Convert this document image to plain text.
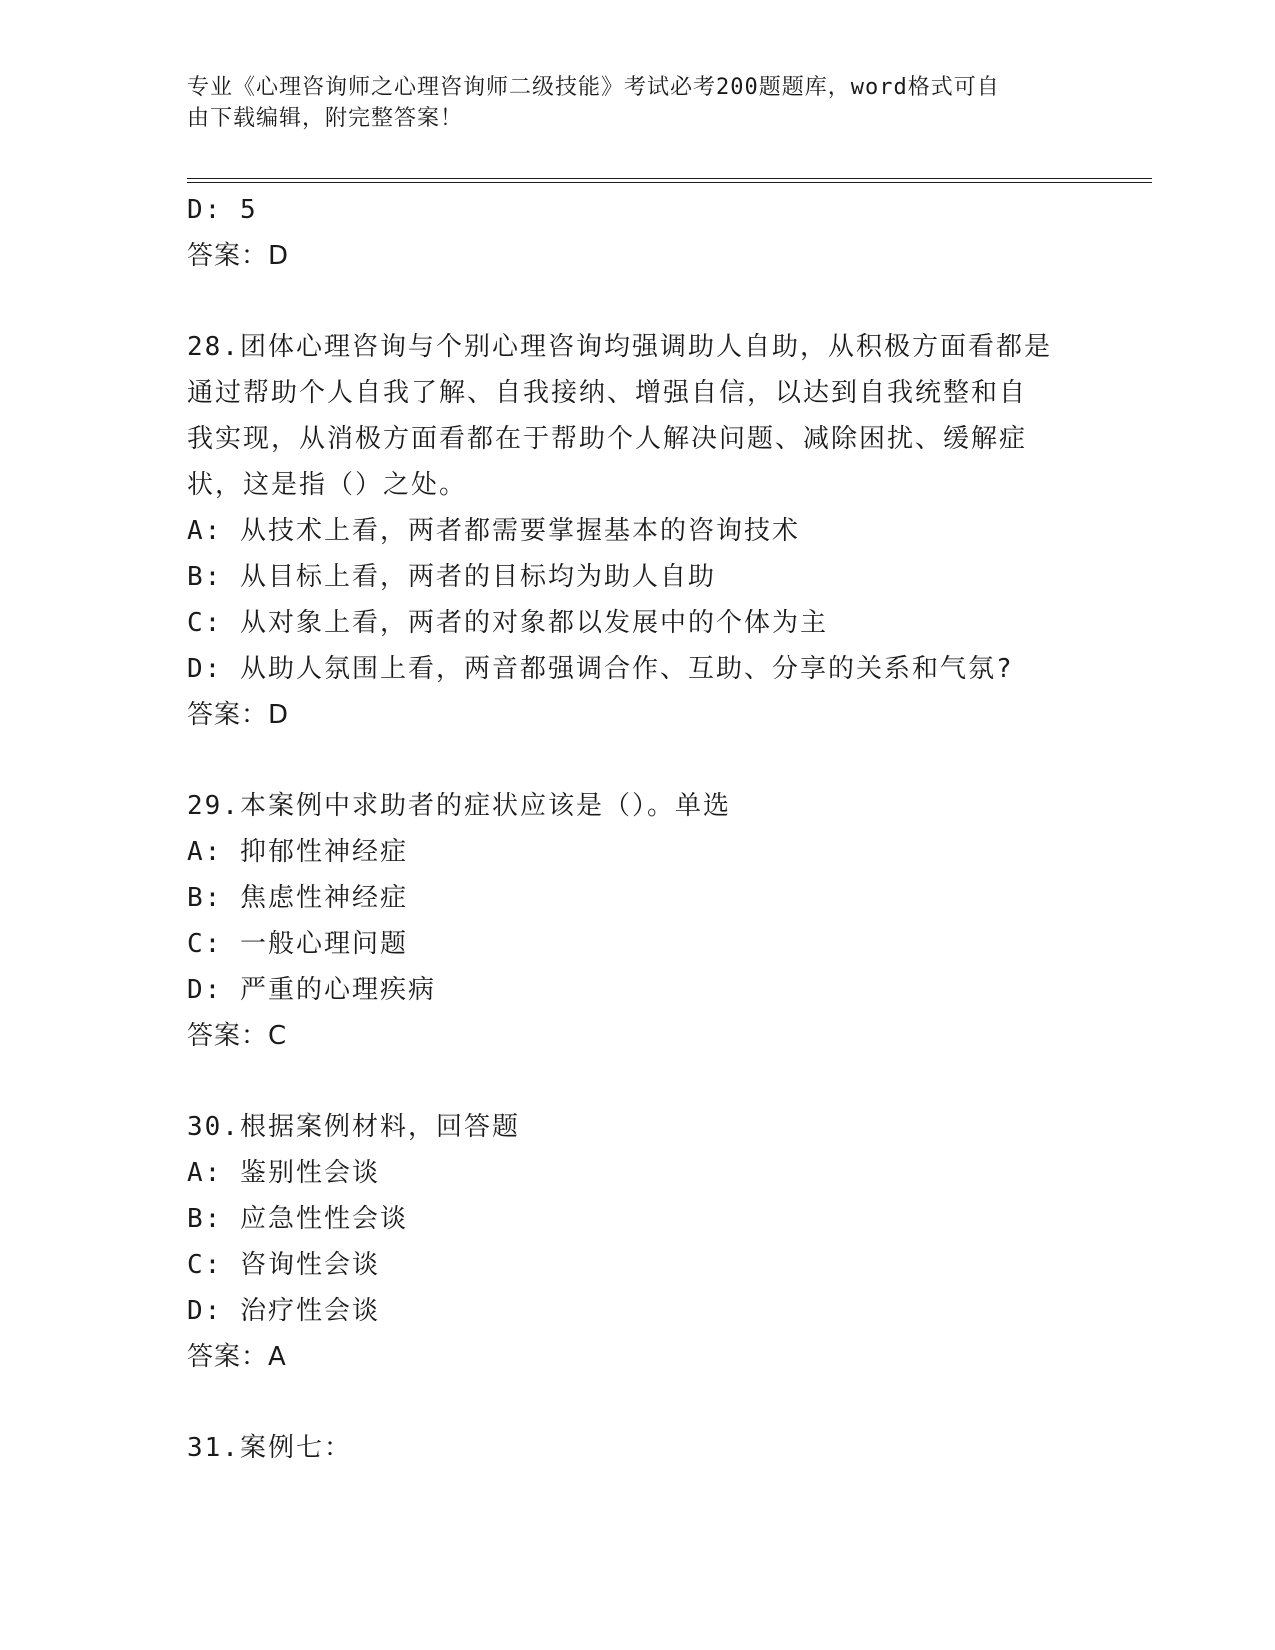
专业《心理咨询师之心理咨询师二级技能》考试必考200题题库，word格式可自
由下载编辑，附完整答案！
D: 5
答案：D
28.团体心理咨询与个别心理咨询均强调助人自助，从积极方面看都是
通过帮助个人自我了解、自我接纳、增强自信，以达到自我统整和自
我实现，从消极方面看都在于帮助个人解决问题、减除困扰、缓解症
状，这是指（）之处。
A: 从技术上看，两者都需要掌握基本的咨询技术
B: 从目标上看，两者的目标均为助人自助
C: 从对象上看，两者的对象都以发展中的个体为主
D: 从助人氛围上看，两音都强调合作、互助、分享的关系和气氛?
答案：D
29.本案例中求助者的症状应该是（）。单选
A: 抑郁性神经症
B: 焦虑性神经症
C: 一般心理问题
D: 严重的心理疾病
答案：C
30.根据案例材料，回答题
A: 鉴别性会谈
B: 应急性性会谈
C: 咨询性会谈
D: 治疗性会谈
答案：A
31.案例七：
